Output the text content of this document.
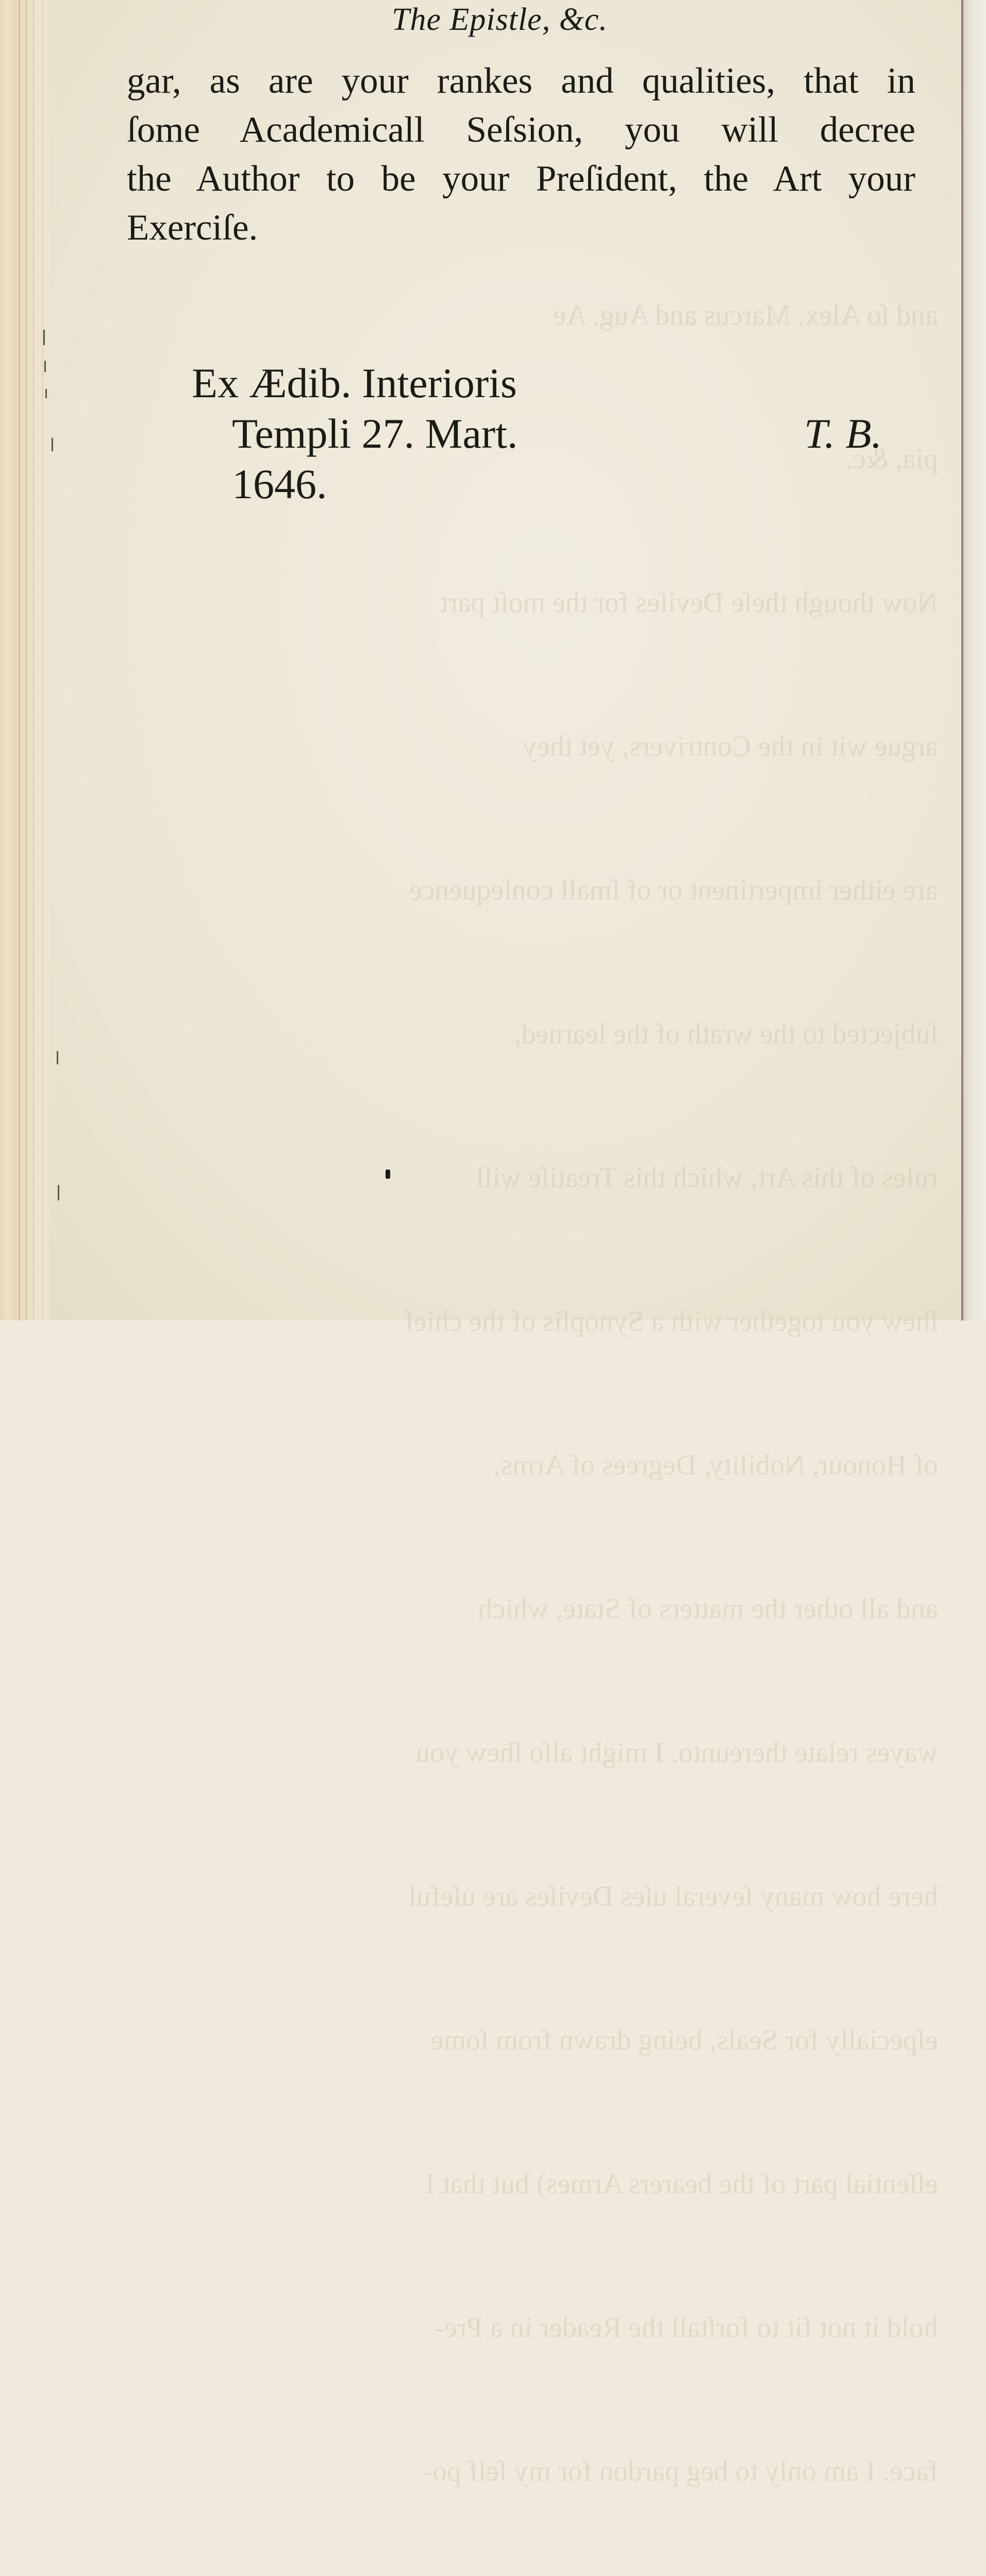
and ſo Alex. Marcus and Aug. Ae

pia, &c.

Now though theſe Deviſes for the moſt part

argue wit in the Contrivers, yet they

are either impertinent or of ſmall conſequence

ſubjected to the wrath of the learned,

rules of this Art, which this Treatiſe will

ſhew you together with a Synopſis of the chief

of Honour, Nobility, Degrees of Arms,

and all other the matters of State, which

wayes relate thereunto. I might alſo ſhew you

here how many ſeveral uſes Deviſes are uſeful

eſpecially for Seals, being drawn from ſome

eſſential part of the bearers Armes) but that I

hold it not fit to forſtall the Reader in a Pre-

face. I am only to beg pardon for my ſelf po-

The Epistle, &c.
gar, as are your rankes and qualities, that in
ſome Academicall Seſsion, you will decree
the Author to be your Preſident, the Art your
Exerciſe.
Ex Ædib. Interioris
Templi 27. Mart.
1646.
T. B.
